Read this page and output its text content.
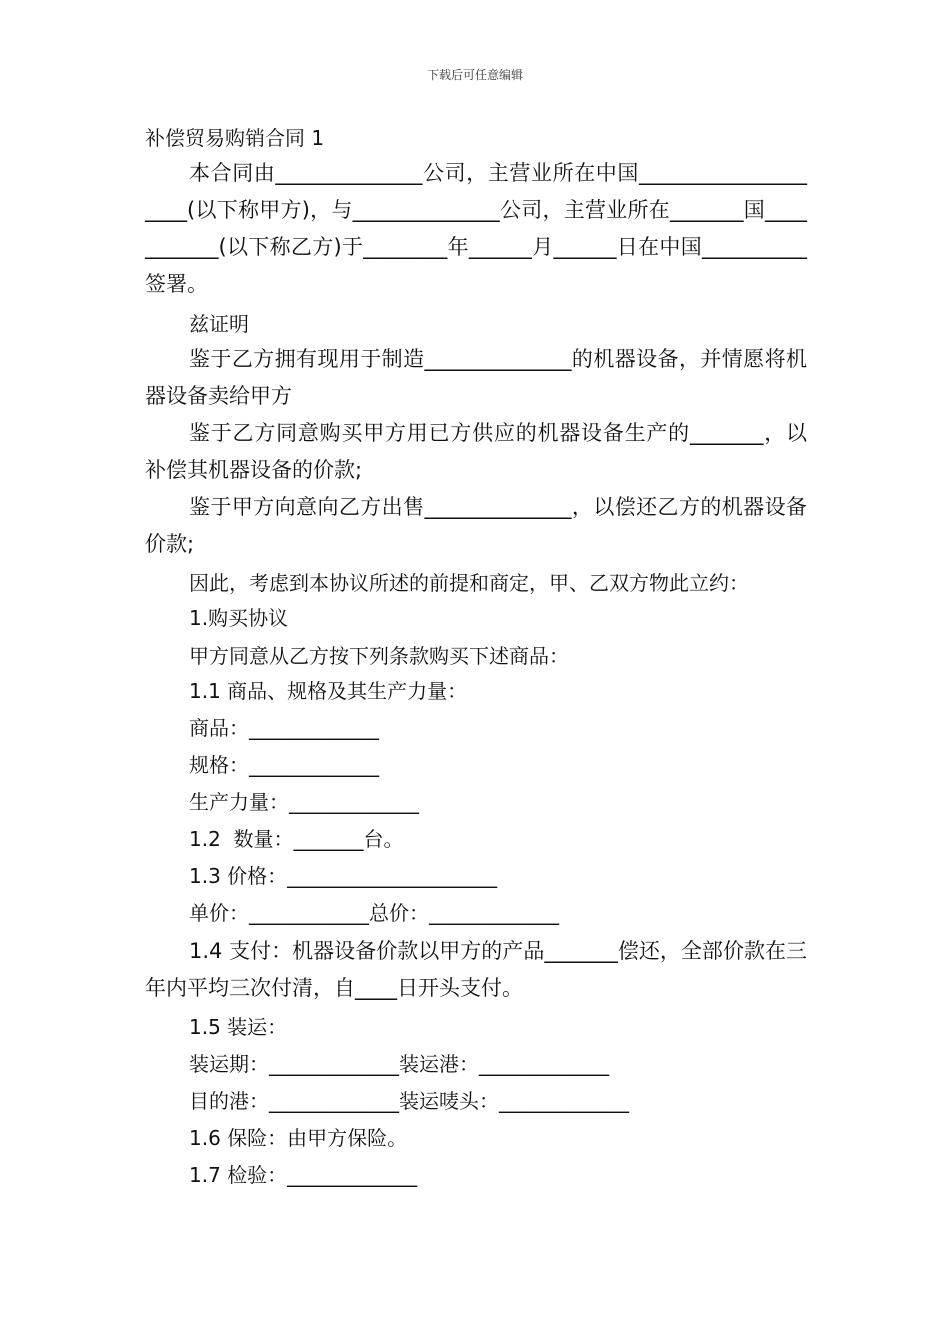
下载后可任意编辑
补偿贸易购销合同 1
本合同由______________公司，主营业所在中国____________________(以下称甲方)，与______________公司，主营业所在_______国___________(以下称乙方)于________年______月______日在中国__________签署。
兹证明
鉴于乙方拥有现用于制造______________的机器设备，并情愿将机器设备卖给甲方
鉴于乙方同意购买甲方用已方供应的机器设备生产的_______，以补偿其机器设备的价款;
鉴于甲方向意向乙方出售______________，以偿还乙方的机器设备价款;
因此，考虑到本协议所述的前提和商定，甲、乙双方物此立约：
1.购买协议
甲方同意从乙方按下列条款购买下述商品：
1.1 商品、规格及其生产力量：
商品：_____________
规格：_____________
生产力量：_____________
1.2  数量：_______台。
1.3 价格：_____________________
单价：____________总价：_____________
1.4 支付：机器设备价款以甲方的产品_______偿还，全部价款在三年内平均三次付清，自____日开头支付。
1.5 装运：
装运期：_____________装运港：_____________
目的港：_____________装运唛头：_____________
1.6 保险：由甲方保险。
1.7 检验：_____________
